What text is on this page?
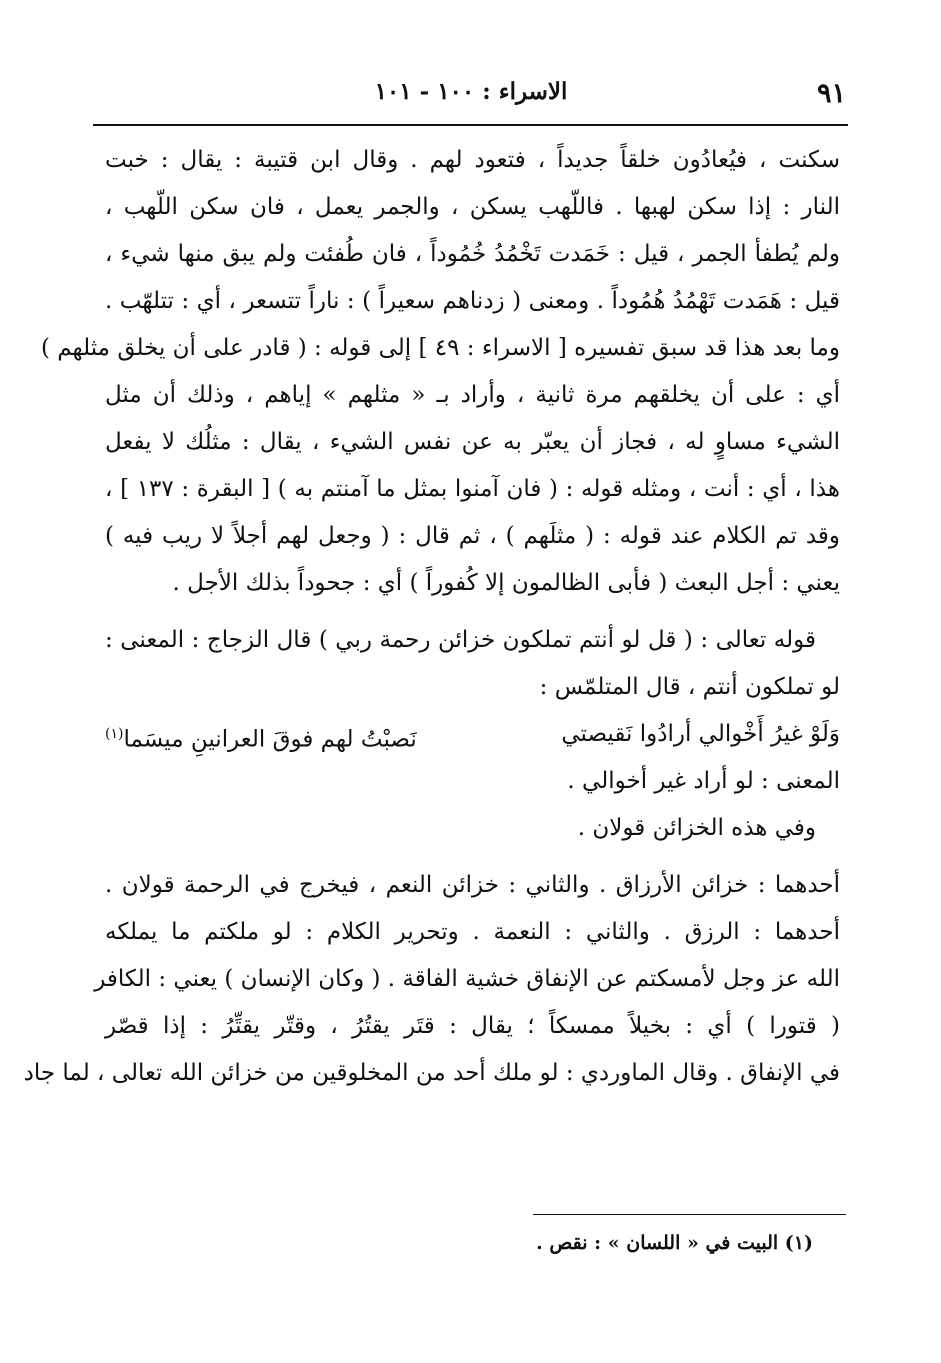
٩١
الاسراء : ١٠٠ - ١٠١
سكنت ، فيُعادُون خلقاً جديداً ، فتعود لهم . وقال ابن قتيبة : يقال : خبت
النار : إذا سكن لهبها . فاللّهب يسكن ، والجمر يعمل ، فان سكن اللّهب ،
ولم يُطفأ الجمر ، قيل : خَمَدت تَخْمُدُ خُمُوداً ، فان طُفئت ولم يبق منها شيء ،
قيل : هَمَدت تَهْمُدُ هُمُوداً . ومعنى ( زدناهم سعيراً ) : ناراً تتسعر ، أي : تتلهّب .
وما بعد هذا قد سبق تفسيره [ الاسراء : ٤٩ ] إلى قوله : ( قادر على أن يخلق مثلهم )
أي : على أن يخلقهم مرة ثانية ، وأراد بـ « مثلهم » إياهم ، وذلك أن مثل
الشيء مساوٍ له ، فجاز أن يعبّر به عن نفس الشيء ، يقال : مثلُك لا يفعل
هذا ، أي : أنت ، ومثله قوله : ( فان آمنوا بمثل ما آمنتم به ) [ البقرة : ١٣٧ ] ،
وقد تم الكلام عند قوله : ( مثلَهم ) ، ثم قال : ( وجعل لهم أجلاً لا ريب فيه )
يعني : أجل البعث ( فأبى الظالمون إلا كُفوراً ) أي : جحوداً بذلك الأجل .
قوله تعالى : ( قل لو أنتم تملكون خزائن رحمة ربي ) قال الزجاج : المعنى :
لو تملكون أنتم ، قال المتلمّس :
وَلَوْ غيرُ أَخْوالي أرادُوا نَقيصتي
نَصبْتُ لهم فوقَ العرانينِ ميسَما$^{(١)}$
المعنى : لو أراد غير أخوالي .
وفي هذه الخزائن قولان .
أحدهما : خزائن الأرزاق . والثاني : خزائن النعم ، فيخرج في الرحمة قولان .
أحدهما : الرزق . والثاني : النعمة . وتحرير الكلام : لو ملكتم ما يملكه
الله عز وجل لأمسكتم عن الإنفاق خشية الفاقة . ( وكان الإنسان ) يعني : الكافر
( قتورا ) أي : بخيلاً ممسكاً ؛ يقال : قتَر يقتُرُ ، وقتّر يقتِّرُ : إذا قصّر
في الإنفاق . وقال الماوردي : لو ملك أحد من المخلوقين من خزائن الله تعالى ، لما جاد
(١) البيت في « اللسان » : نقص .
